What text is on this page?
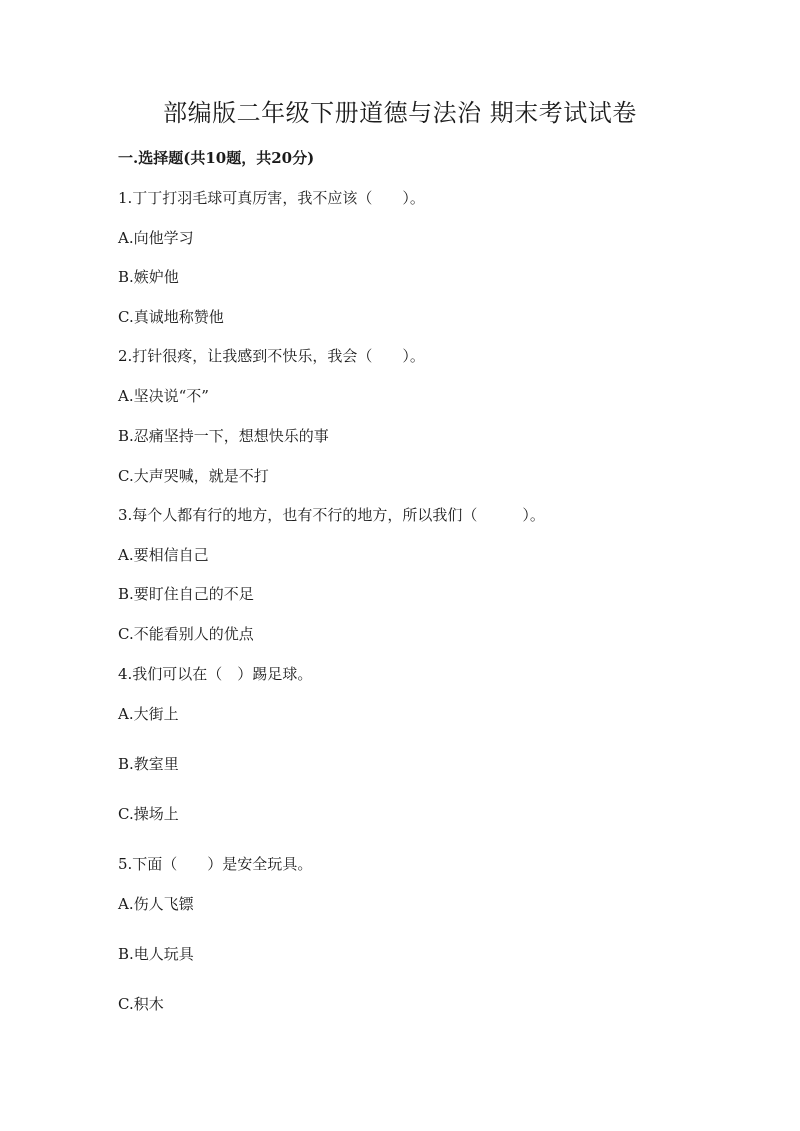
部编版二年级下册道德与法治 期末考试试卷
一.选择题(共10题，共20分)
1.丁丁打羽毛球可真厉害，我不应该（　　）。
A.向他学习
B.嫉妒他
C.真诚地称赞他
2.打针很疼，让我感到不快乐，我会（　　）。
A.坚决说“不”
B.忍痛坚持一下，想想快乐的事
C.大声哭喊，就是不打
3.每个人都有行的地方，也有不行的地方，所以我们（　　　）。
A.要相信自己
B.要盯住自己的不足
C.不能看别人的优点
4.我们可以在（　）踢足球。
A.大街上
B.教室里
C.操场上
5.下面（　　）是安全玩具。
A.伤人飞镖
B.电人玩具
C.积木
